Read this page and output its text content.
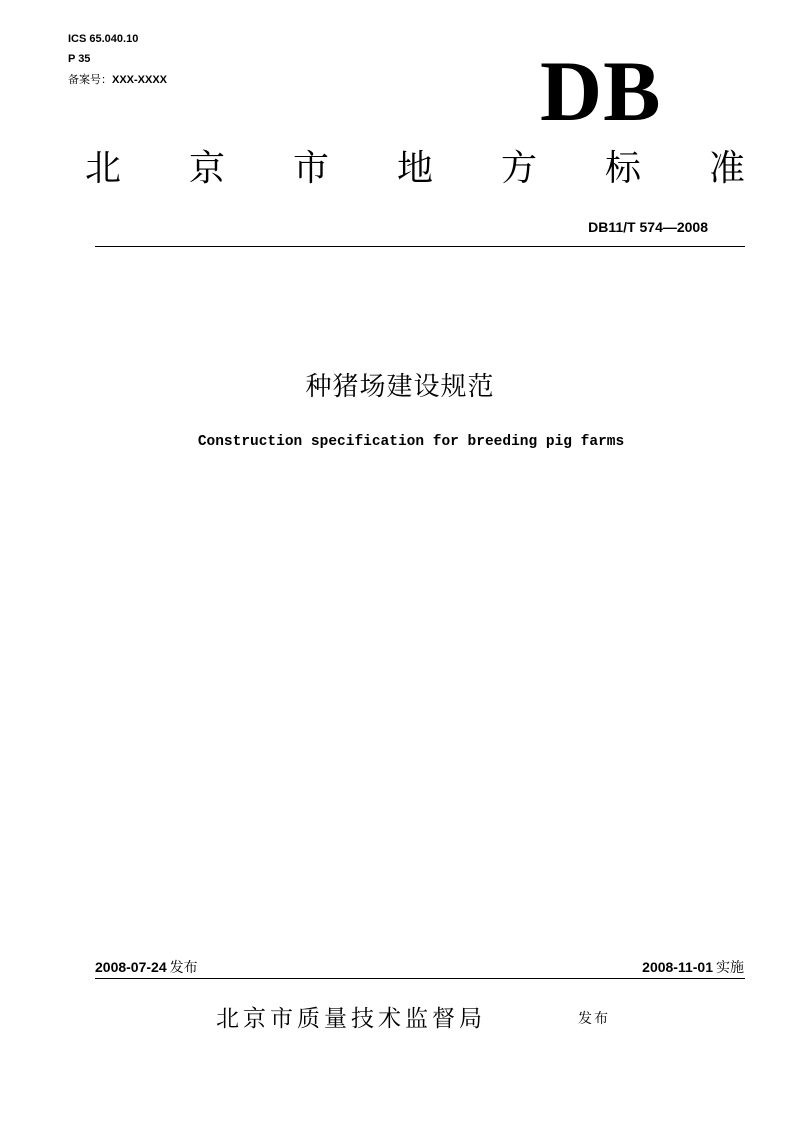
ICS 65.040.10
P 35
备案号：XXX-XXXX	DB
北 京 市 地 方 标 准
DB11/T 574—2008
种猪场建设规范
Construction specification for breeding pig farms
2008-07-24 发布	2008-11-01 实施
北京市质量技术监督局	发布
